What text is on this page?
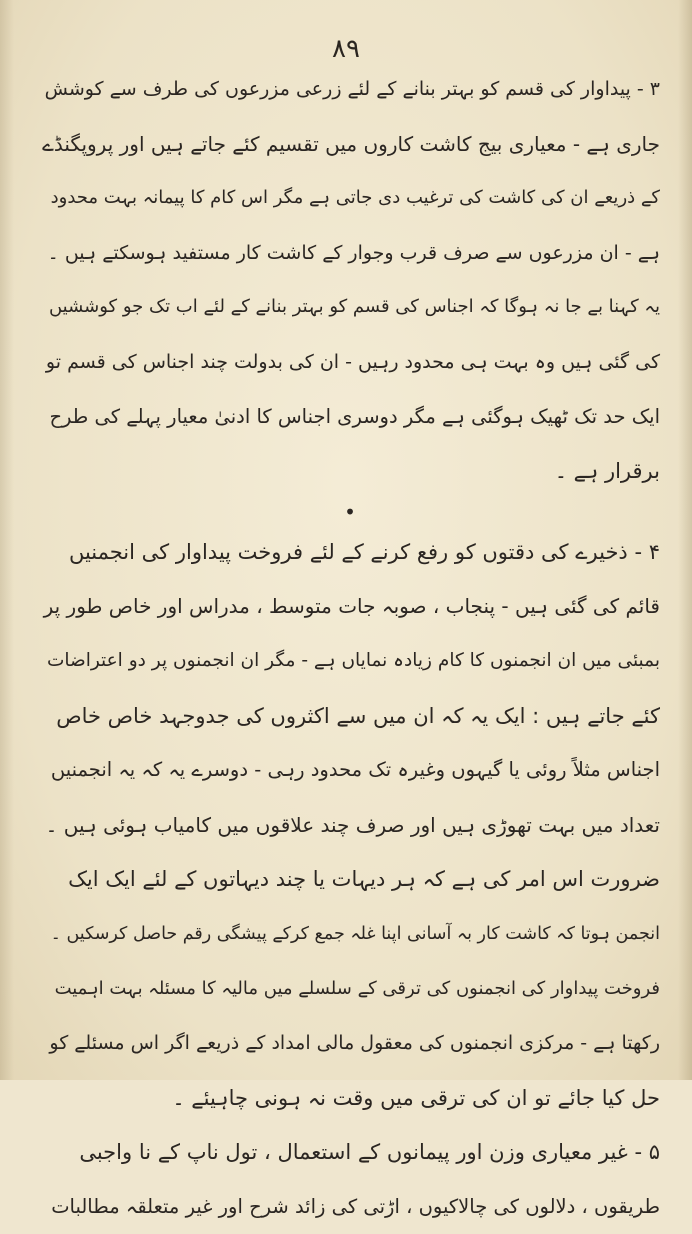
۸۹
۳ - پیداوار کی قسم کو بہتر بنانے کے لئے زرعی مزرعوں کی طرف سے کوشش
جاری ہے - معیاری بیج کاشت کاروں میں تقسیم کئے جاتے ہیں اور پروپگنڈے
کے ذریعے ان کی کاشت کی ترغیب دی جاتی ہے مگر اس کام کا پیمانہ بہت محدود
ہے - ان مزرعوں سے صرف قرب وجوار کے کاشت کار مستفید ہوسکتے ہیں ۔
یہ کہنا بے جا نہ ہوگا کہ اجناس کی قسم کو بہتر بنانے کے لئے اب تک جو کوششیں
کی گئی ہیں وہ بہت ہی محدود رہیں - ان کی بدولت چند اجناس کی قسم تو
ایک حد تک ٹھیک ہوگئی ہے مگر دوسری اجناس کا ادنیٰ معیار پہلے کی طرح
برقرار ہے ۔
•
۴ - ذخیرے کی دقتوں کو رفع کرنے کے لئے فروخت پیداوار کی انجمنیں
قائم کی گئی ہیں - پنجاب ، صوبہ جات متوسط ، مدراس اور خاص طور پر
بمبئی میں ان انجمنوں کا کام زیادہ نمایاں ہے - مگر ان انجمنوں پر دو اعتراضات
کئے جاتے ہیں : ایک یہ کہ ان میں سے اکثروں کی جدوجہد خاص خاص
اجناس مثلاً روئی یا گیہوں وغیرہ تک محدود رہی - دوسرے یہ کہ یہ انجمنیں
تعداد میں بہت تھوڑی ہیں اور صرف چند علاقوں میں کامیاب ہوئی ہیں ۔
ضرورت اس امر کی ہے کہ ہر دیہات یا چند دیہاتوں کے لئے ایک ایک
انجمن ہوتا کہ کاشت کار بہ آسانی اپنا غلہ جمع کرکے پیشگی رقم حاصل کرسکیں ۔
فروخت پیداوار کی انجمنوں کی ترقی کے سلسلے میں مالیہ کا مسئلہ بہت اہمیت
رکھتا ہے - مرکزی انجمنوں کی معقول مالی امداد کے ذریعے اگر اس مسئلے کو
حل کیا جائے تو ان کی ترقی میں وقت نہ ہونی چاہیئے ۔
۵ - غیر معیاری وزن اور پیمانوں کے استعمال ، تول ناپ کے نا واجبی
طریقوں ، دلالوں کی چالاکیوں ، اڑتی کی زائد شرح اور غیر متعلقہ مطالبات
